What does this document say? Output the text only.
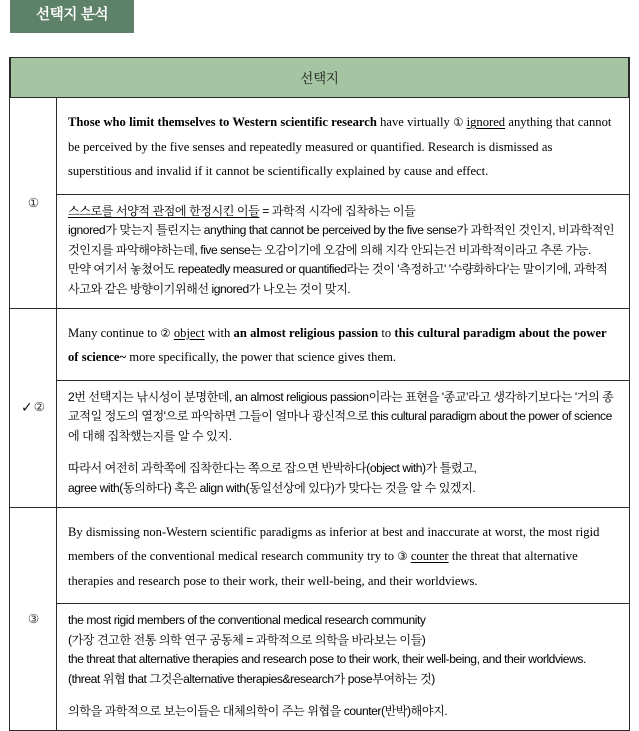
선택지 분석
선택지
①
Those who limit themselves to Western scientific research have virtually ① ignored anything that cannot be perceived by the five senses and repeatedly measured or quantified. Research is dismissed as superstitious and invalid if it cannot be scientifically explained by cause and effect.

스스로를 서양적 관점에 한정시킨 이들 = 과학적 시각에 집착하는 이들

ignored가 맞는지 틀린지는 anything that cannot be perceived by the five sense가 과학적인 것인지, 비과학적인것인지를 파악해야하는데, five sense는 오감이기에 오감에 의해 지각 안되는건 비과학적이라고 추론 가능.

만약 여기서 놓쳤어도 repeatedly measured or quantified라는 것이 '측정하고' '수량화하다'는 말이기에, 과학적 사고와 같은 방향이기위해선 ignored가 나오는 것이 맞지.

✓ ②
Many continue to ② object with an almost religious passion to this cultural paradigm about the power of science~ more specifically, the power that science gives them.

2번 선택지는 낚시성이 분명한데, an almost religious passion이라는 표현을 '종교'라고 생각하기보다는 '거의 종교적일 정도의 열정'으로 파악하면 그들이 얼마나 광신적으로 this cultural paradigm about the power of science에 대해 집착했는지를 알 수 있지.

따라서 여전히 과학쪽에 집착한다는 쪽으로 잡으면 반박하다(object with)가 틀렸고,

agree with(동의하다) 혹은 align with(동일선상에 있다)가 맞다는 것을 알 수 있겠지.

③
By dismissing non-Western scientific paradigms as inferior at best and inaccurate at worst, the most rigid members of the conventional medical research community try to ③ counter the threat that alternative therapies and research pose to their work, their well-being, and their worldviews.

the most rigid members of the conventional medical research community

(가장 견고한 전통 의학 연구 공동체 = 과학적으로 의학을 바라보는 이들)

the threat that alternative therapies and research pose to their work, their well-being, and their worldviews.

(threat 위협 that 그것은alternative therapies&research가 pose부여하는 것)

의학을 과학적으로 보는이들은 대체의학이 주는 위협을 counter(반박)해야지.
